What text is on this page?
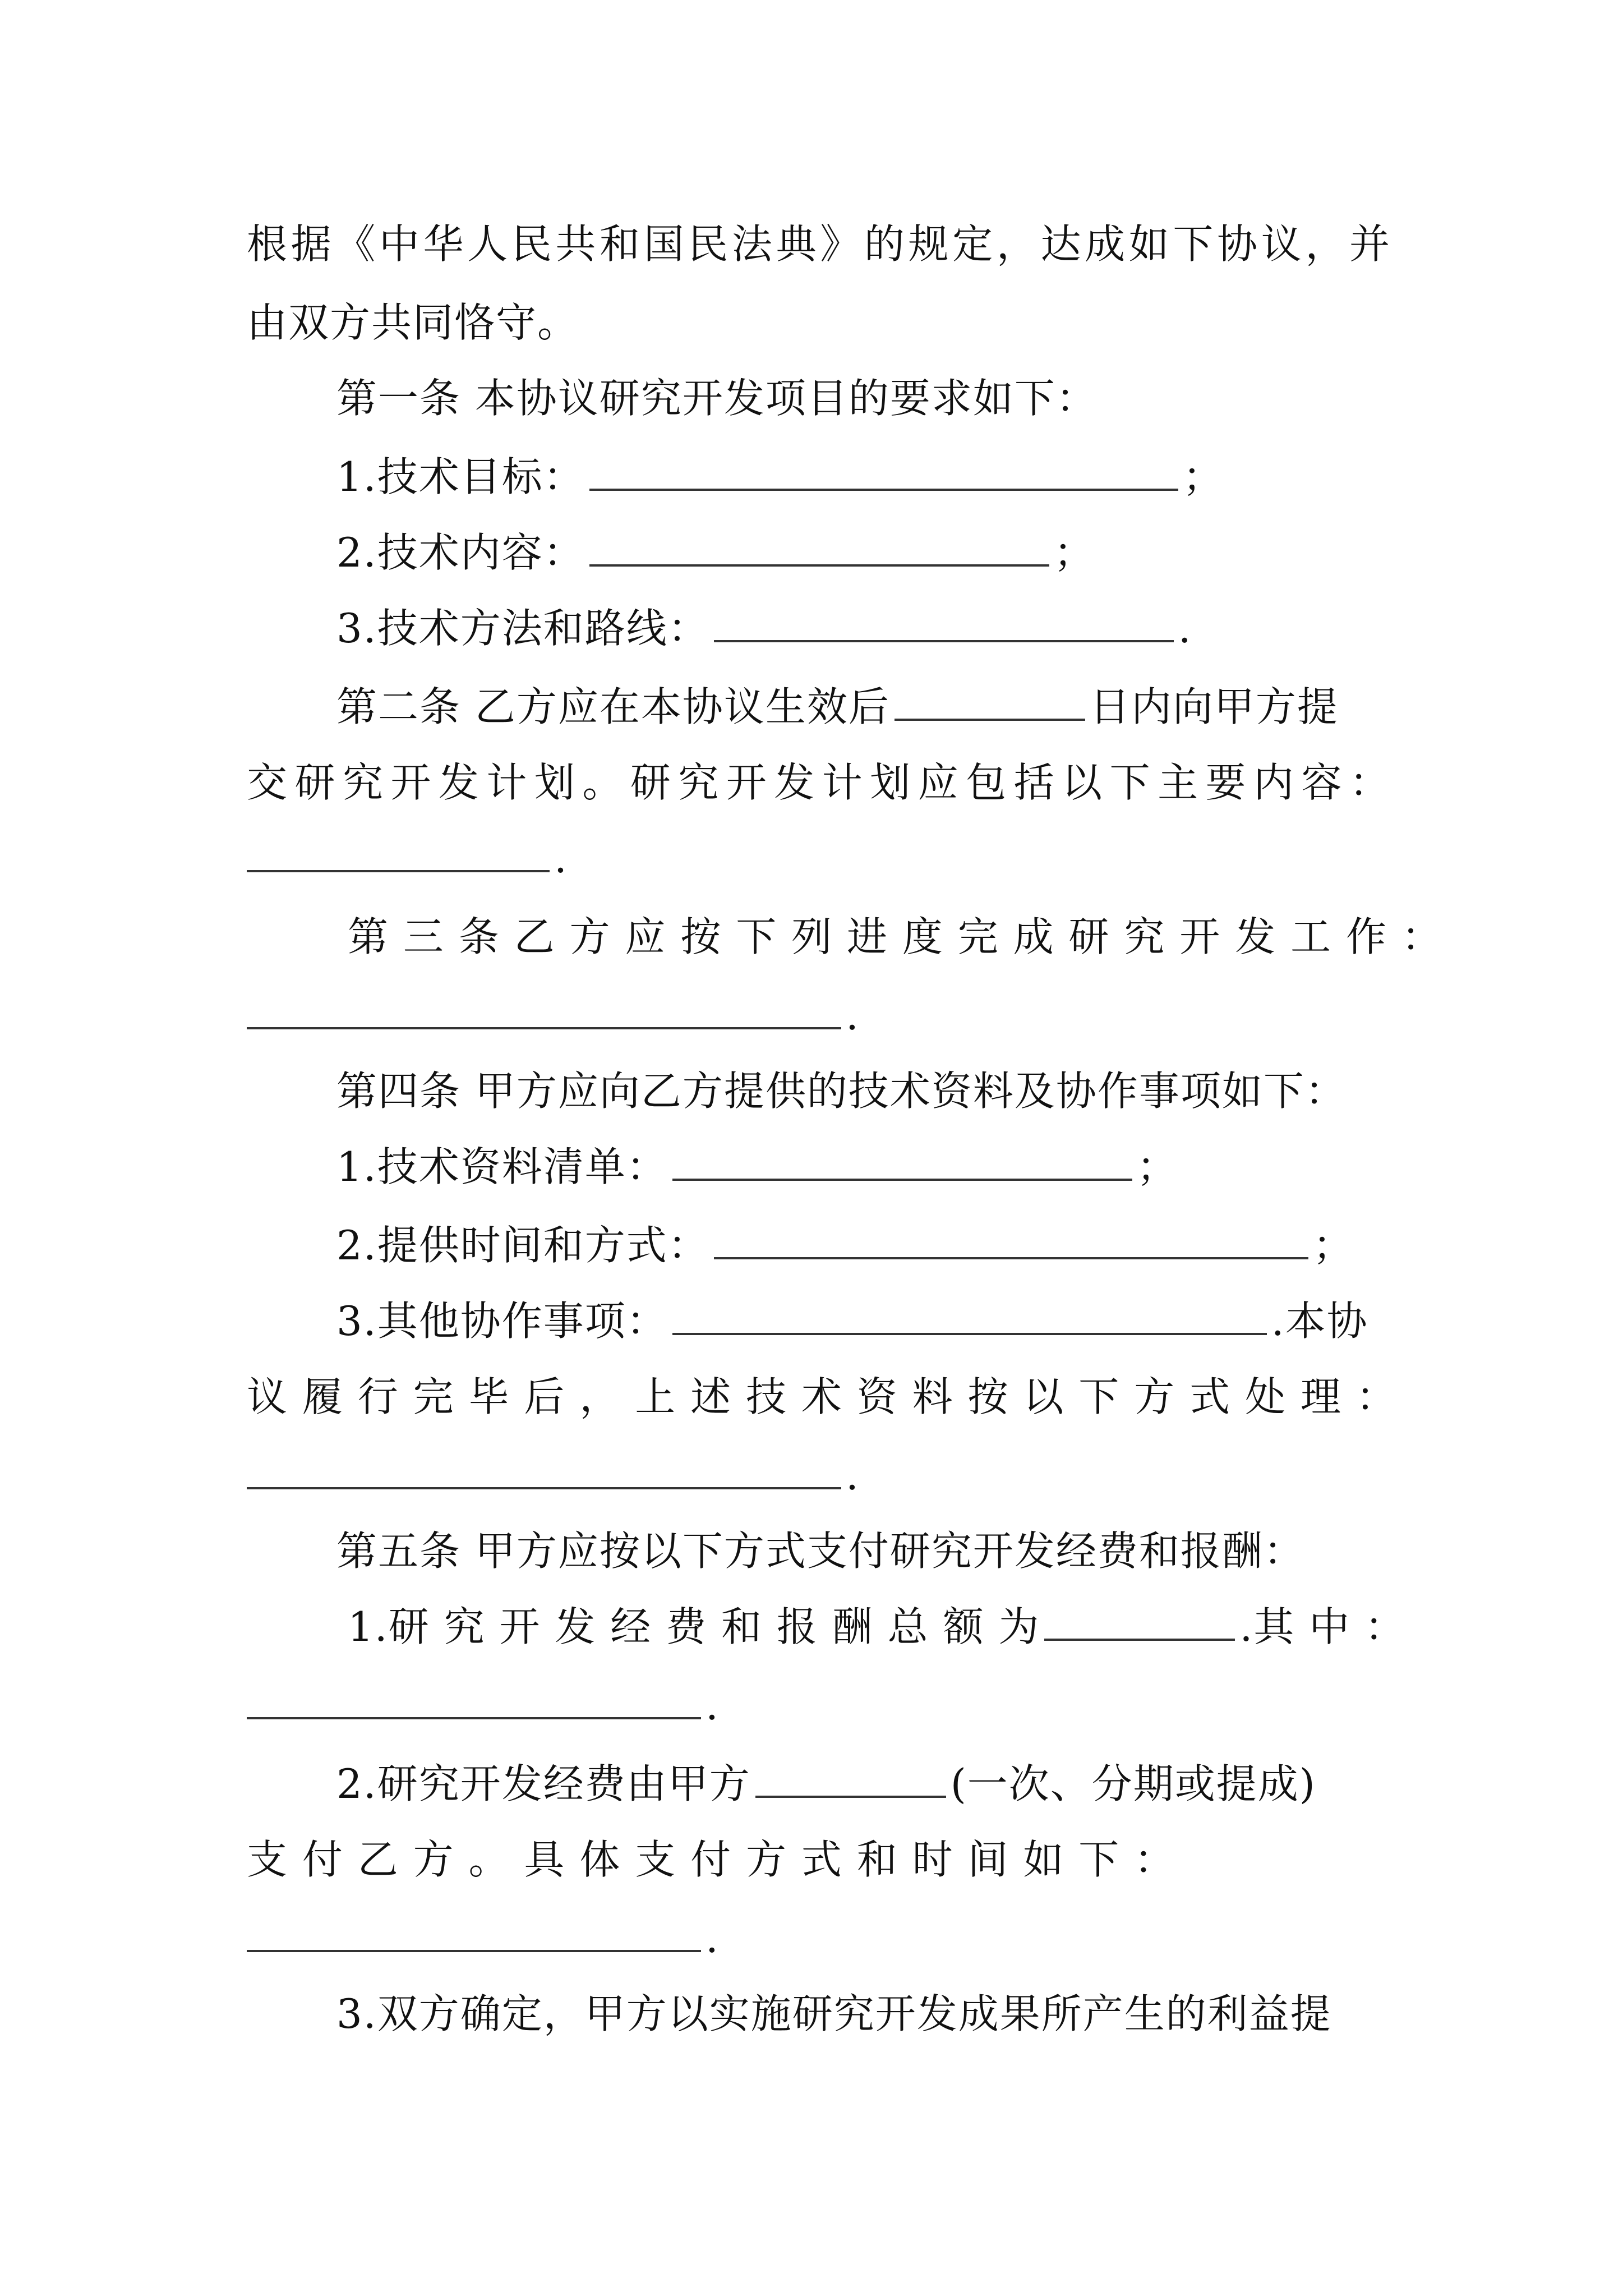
根据《中华人民共和国民法典》的规定，达成如下协议，并
由双方共同恪守。
第一条 本协议研究开发项目的要求如下：
1.技术目标：	；
2.技术内容：	；
3.技术方法和路线：	.
第二条 乙方应在本协议生效后	日内向甲方提
交研究开发计划。研究开发计划应包括以下主要内容：
.
第 三 条 乙 方 应 按 下 列 进 度 完 成 研 究 开 发 工 作 ：
.
第四条 甲方应向乙方提供的技术资料及协作事项如下：
1.技术资料清单：	；
2.提供时间和方式：	；
3.其他协作事项：	.本协
议 履 行 完 毕 后 ， 上 述 技 术 资 料 按 以 下 方 式 处 理 ：
.
第五条 甲方应按以下方式支付研究开发经费和报酬：
1.研 究 开 发 经 费 和 报 酬 总 额 为	.其 中 ：
.
2.研究开发经费由甲方	(一次、分期或提成)
支 付 乙 方 。 具 体 支 付 方 式 和 时 间 如 下 ：
.
3.双方确定，甲方以实施研究开发成果所产生的利益提
